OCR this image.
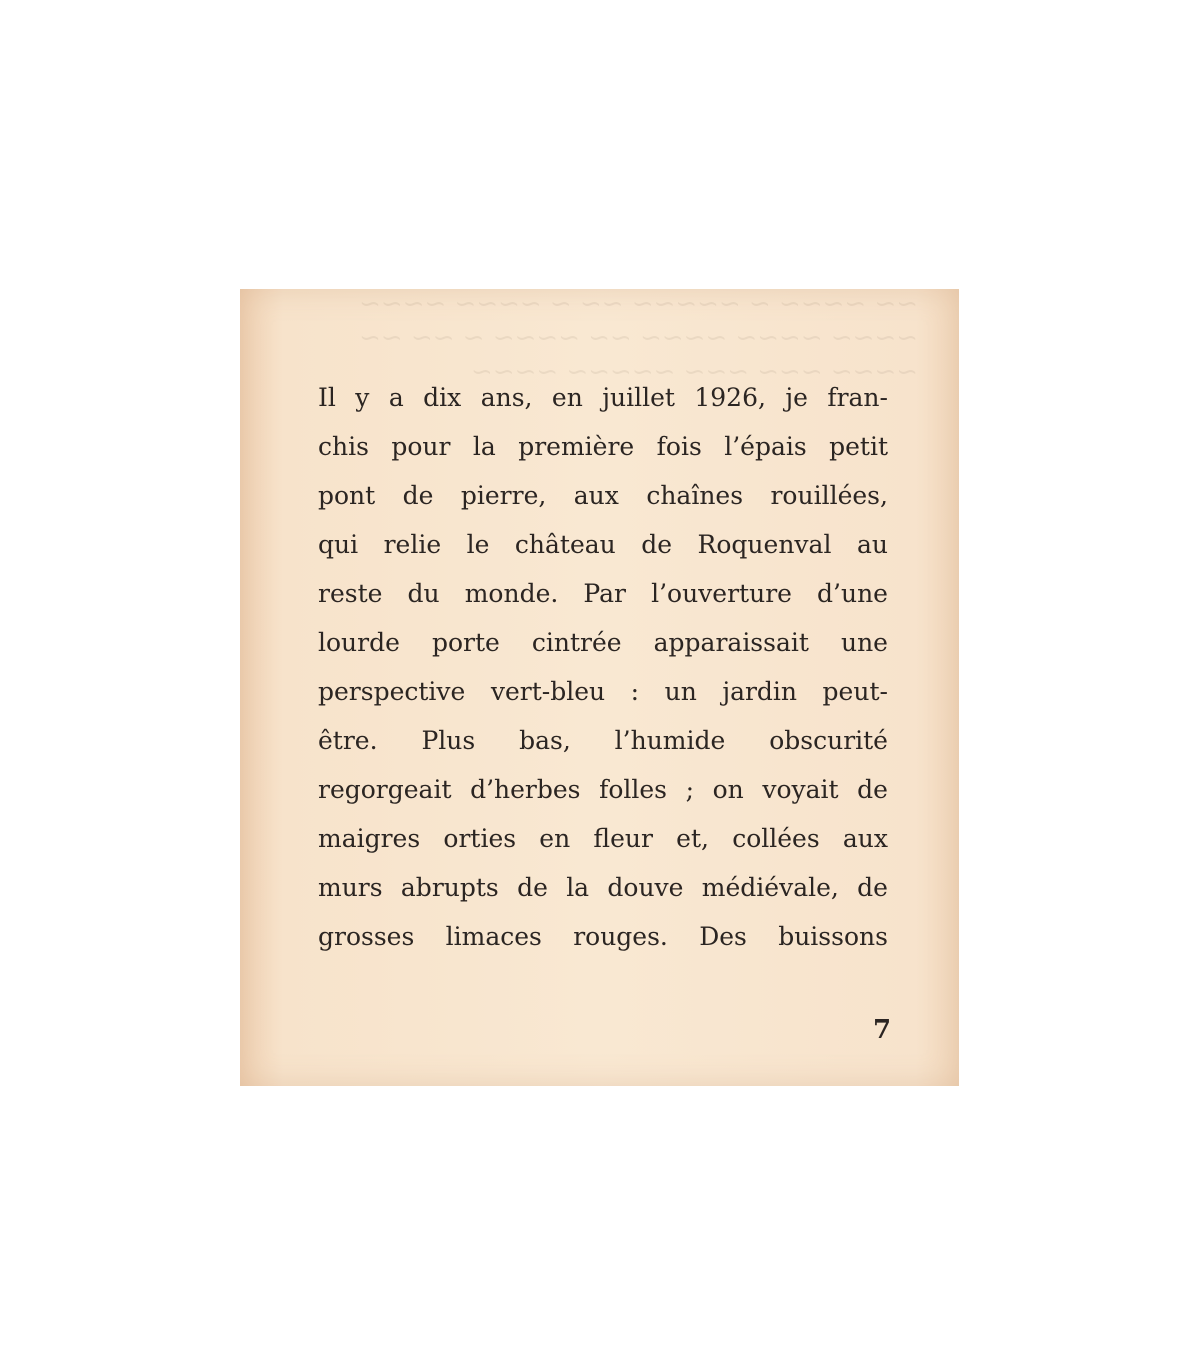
~~ ~~~~ ~ ~~~~~ ~~ ~ ~~~~ ~~~~
~~~~ ~~~~ ~~~~ ~~ ~~~~ ~ ~~ ~~
~~~~ ~~~ ~~~ ~~~~~ ~~~~
Il y a dix ans, en juillet 1926, je fran-
chis pour la première fois l’épais petit
pont de pierre, aux chaînes rouillées,
qui relie le château de Roquenval au
reste du monde. Par l’ouverture d’une
lourde porte cintrée apparaissait une
perspective vert-bleu : un jardin peut-
être. Plus bas, l’humide obscurité
regorgeait d’herbes folles ; on voyait de
maigres orties en fleur et, collées aux
murs abrupts de la douve médiévale, de
grosses limaces rouges. Des buissons
7
